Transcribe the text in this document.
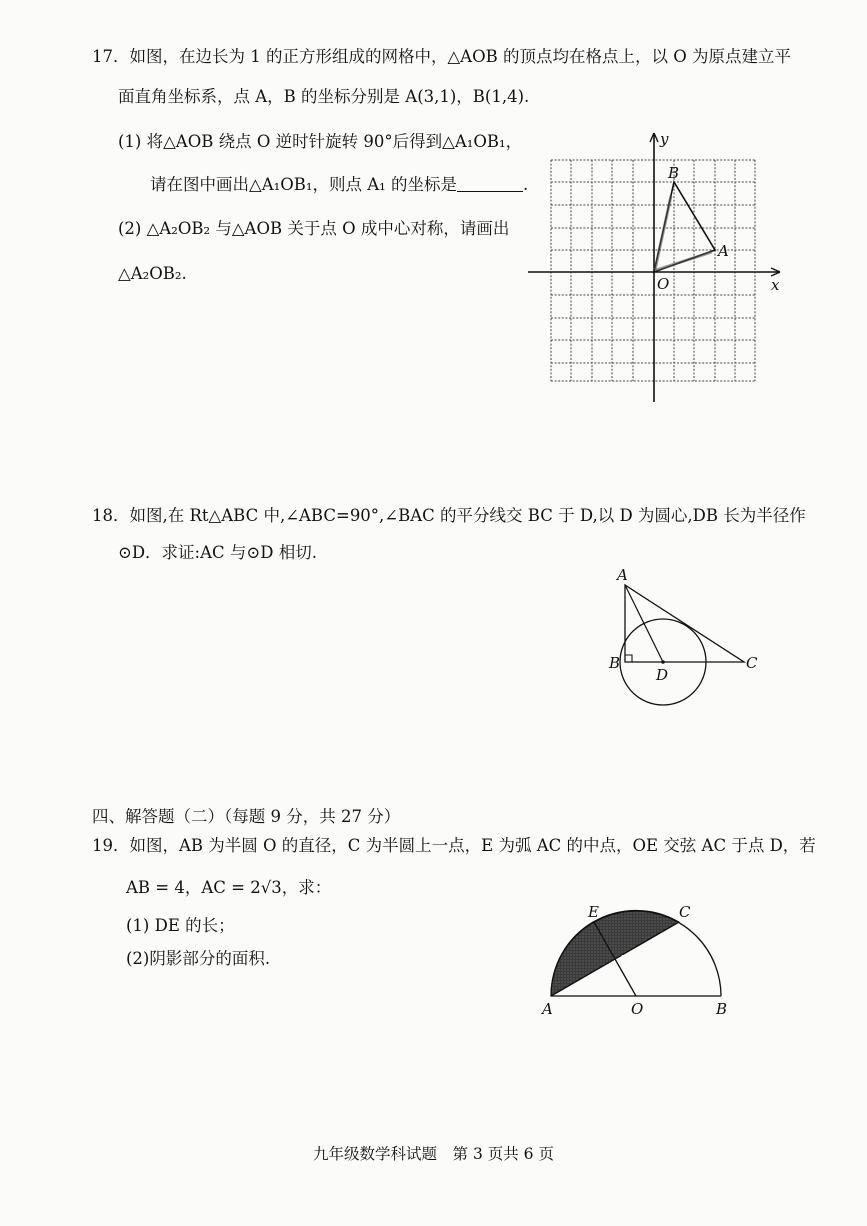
17．如图，在边长为 1 的正方形组成的网格中，△AOB 的顶点均在格点上，以 O 为原点建立平
面直角坐标系，点 A，B 的坐标分别是 A(3,1)，B(1,4).
(1) 将△AOB 绕点 O 逆时针旋转 90°后得到△A₁OB₁，
请在图中画出△A₁OB₁，则点 A₁ 的坐标是	.
(2) △A₂OB₂ 与△AOB 关于点 O 成中心对称，请画出
△A₂OB₂.
x
y
O
A
B
18．如图,在 Rt△ABC 中,∠ABC=90°,∠BAC 的平分线交 BC 于 D,以 D 为圆心,DB 长为半径作
⊙D．求证:AC 与⊙D 相切.
A
B	C
D
四、解答题（二）（每题 9 分，共 27 分）
19．如图，AB 为半圆 O 的直径，C 为半圆上一点，E 为弧 AC 的中点，OE 交弦 AC 于点 D，若
AB = 4，AC = 2√3，求：
(1) DE 的长；
(2)阴影部分的面积.
A	O	B
C
E
D
九年级数学科试题　第 3 页共 6 页
